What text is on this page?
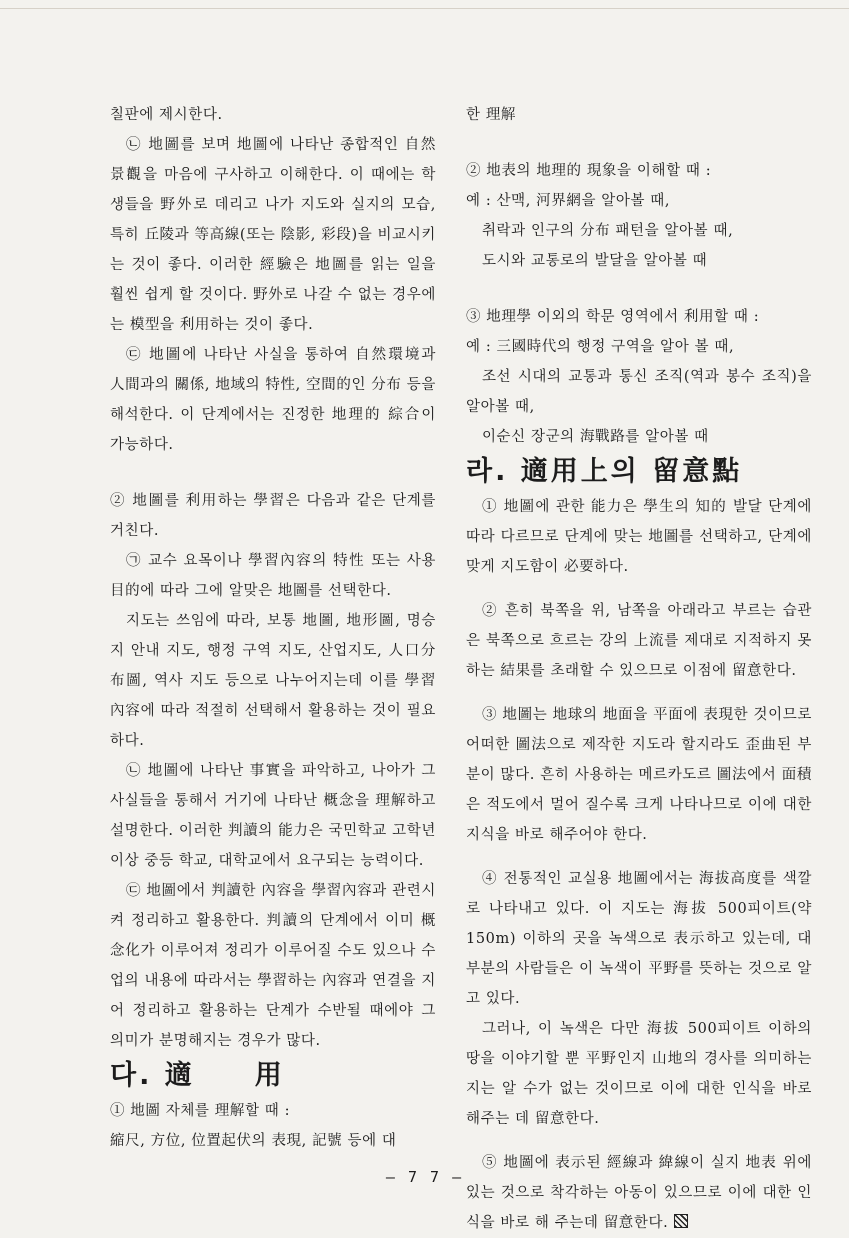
칠판에 제시한다.

㉡ 地圖를 보며 地圖에 나타난 종합적인 自然 景觀을 마음에 구사하고 이해한다. 이 때에는 학생들을 野外로 데리고 나가 지도와 실지의 모습, 특히 丘陵과 等高線(또는 陰影, 彩段)을 비교시키는 것이 좋다. 이러한 經驗은 地圖를 읽는 일을 훨씬 쉽게 할 것이다. 野外로 나갈 수 없는 경우에는 模型을 利用하는 것이 좋다.

㉢ 地圖에 나타난 사실을 통하여 自然環境과 人間과의 關係, 地域의 特性, 空間的인 分布 등을 해석한다. 이 단계에서는 진정한 地理的 綜合이 가능하다.

② 地圖를 利用하는 學習은 다음과 같은 단계를 거친다.

㉠ 교수 요목이나 學習內容의 特性 또는 사용 目的에 따라 그에 알맞은 地圖를 선택한다.

지도는 쓰임에 따라, 보통 地圖, 地形圖, 명승지 안내 지도, 행정 구역 지도, 산업지도, 人口分布圖, 역사 지도 등으로 나누어지는데 이를 學習內容에 따라 적절히 선택해서 활용하는 것이 필요하다.

㉡ 地圖에 나타난 事實을 파악하고, 나아가 그 사실들을 통해서 거기에 나타난 概念을 理解하고 설명한다. 이러한 判讀의 能力은 국민학교 고학년 이상 중등 학교, 대학교에서 요구되는 능력이다.

㉢ 地圖에서 判讀한 內容을 學習內容과 관련시켜 정리하고 활용한다. 判讀의 단계에서 이미 概念化가 이루어져 정리가 이루어질 수도 있으나 수업의 내용에 따라서는 學習하는 內容과 연결을 지어 정리하고 활용하는 단계가 수반될 때에야 그 의미가 분명해지는 경우가 많다.

다. 適　　用

① 地圖 자체를 理解할 때 :

縮尺, 方位, 位置起伏의 表現, 記號 등에 대

한 理解

② 地表의 地理的 現象을 이해할 때 :

예 : 산맥, 河界網을 알아볼 때,

취락과 인구의 分布 패턴을 알아볼 때,

도시와 교통로의 발달을 알아볼 때

③ 地理學 이외의 학문 영역에서 利用할 때 :

예 : 三國時代의 행정 구역을 알아 볼 때,

조선 시대의 교통과 통신 조직(역과 봉수 조직)을 알아볼 때,

이순신 장군의 海戰路를 알아볼 때

라. 適用上의 留意點

① 地圖에 관한 能力은 學生의 知的 발달 단계에 따라 다르므로 단계에 맞는 地圖를 선택하고, 단계에 맞게 지도함이 必要하다.

② 흔히 북쪽을 위, 남쪽을 아래라고 부르는 습관은 북쪽으로 흐르는 강의 上流를 제대로 지적하지 못하는 結果를 초래할 수 있으므로 이점에 留意한다.

③ 地圖는 地球의 地面을 平面에 表現한 것이므로 어떠한 圖法으로 제작한 지도라 할지라도 歪曲된 부분이 많다. 흔히 사용하는 메르카도르 圖法에서 面積은 적도에서 멀어 질수록 크게 나타나므로 이에 대한 지식을 바로 해주어야 한다.

④ 전통적인 교실용 地圖에서는 海拔高度를 색깔로 나타내고 있다. 이 지도는 海拔 500피이트(약 150m) 이하의 곳을 녹색으로 表示하고 있는데, 대부분의 사람들은 이 녹색이 平野를 뜻하는 것으로 알고 있다.

그러나, 이 녹색은 다만 海拔 500피이트 이하의 땅을 이야기할 뿐 平野인지 山地의 경사를 의미하는지는 알 수가 없는 것이므로 이에 대한 인식을 바로 해주는 데 留意한다.

⑤ 地圖에 表示된 經線과 緯線이 실지 地表 위에 있는 것으로 착각하는 아동이 있으므로 이에 대한 인식을 바로 해 주는데 留意한다.

— 7 7 —
